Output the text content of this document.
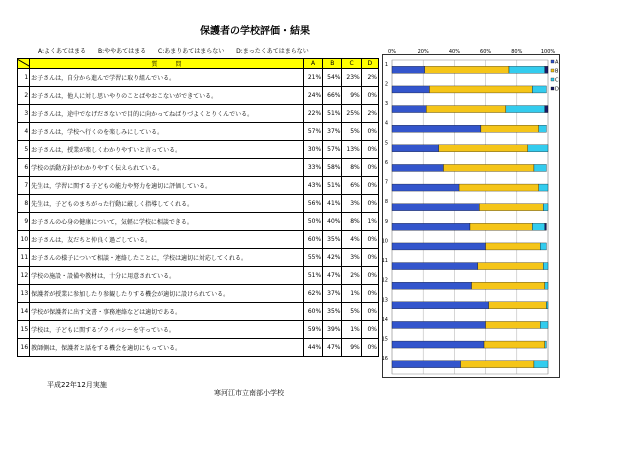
保護者の学校評価・結果
A:よくあてはまる B:ややあてはまる C:あまりあてはまらない D:まったくあてはまらない
	質　　　問	A	B	C	D
1	お子さんは，自分から進んで学習に取り組んでいる。	21%	54%	23%	2%
2	お子さんは，他人に対し思いやりのことばやおこないができている。	24%	66%	9%	0%
3	お子さんは，途中でなげださないで目的に向かってねばりづよくとりくんでいる。	22%	51%	25%	2%
4	お子さんは，学校へ行くのを楽しみにしている。	57%	37%	5%	0%
5	お子さんは，授業が楽しくわかりやすいと言っている。	30%	57%	13%	0%
6	学校の活動方針がわかりやすく伝えられている。	33%	58%	8%	0%
7	先生は，学習に関する子どもの能力や努力を適切に評価している。	43%	51%	6%	0%
8	先生は，子どものまちがった行動に厳しく指導してくれる。	56%	41%	3%	0%
9	お子さんの心身の健康について，気軽に学校に相談できる。	50%	40%	8%	1%
10	お子さんは，友だちと仲良く過ごしている。	60%	35%	4%	0%
11	お子さんの様子について相談・連絡したことに，学校は適切に対応してくれる。	55%	42%	3%	0%
12	学校の施設・設備や教材は，十分に用意されている。	51%	47%	2%	0%
13	保護者が授業に参加したり参観したりする機会が適切に設けられている。	62%	37%	1%	0%
14	学校が保護者に出す文書・事務連絡などは適切である。	60%	35%	5%	0%
15	学校は，子どもに関するプライバシーを守っている。	59%	39%	1%	0%
16	教師側は，保護者と話をする機会を適切にもっている。	44%	47%	9%	0%
平成22年12月実施
寒河江市立南部小学校
0%	20%	40%	60%	80%	100%
1
2
3
4
5
6
7
8
9
10
11
12
13
14
15
16
A
B
C
D
